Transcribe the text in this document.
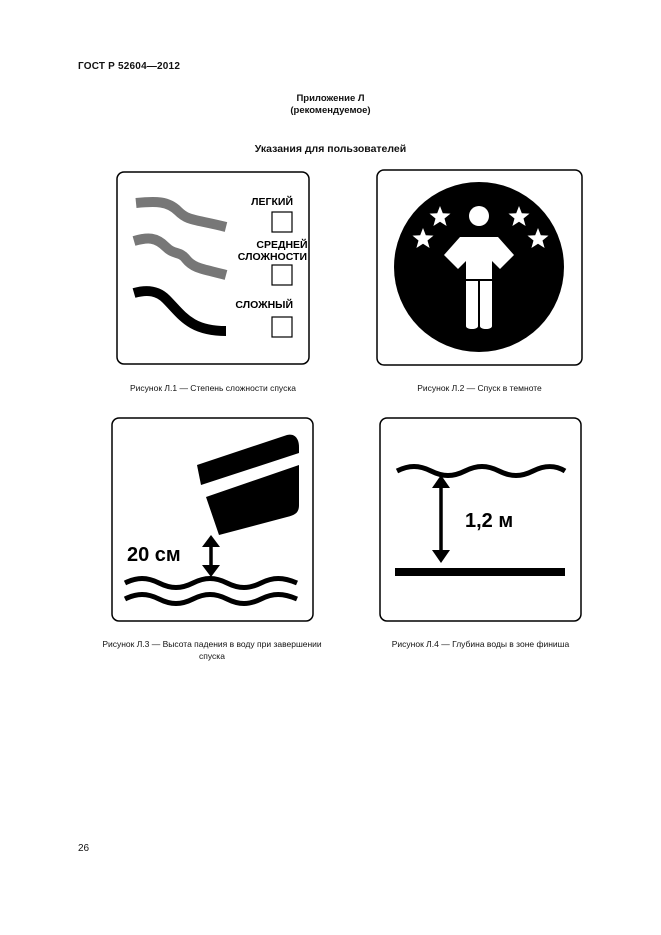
ГОСТ Р 52604—2012
Приложение Л
(рекомендуемое)
Указания для пользователей
ЛЕГКИЙ
СРЕДНЕЙ
СЛОЖНОСТИ
СЛОЖНЫЙ
Рисунок Л.1 — Степень сложности спуска	Рисунок Л.2 — Спуск в темноте
20 см
Рисунок Л.3 — Высота падения в воду при завершении
спуска
1,2 м
Рисунок Л.4 — Глубина воды в зоне финиша
26
